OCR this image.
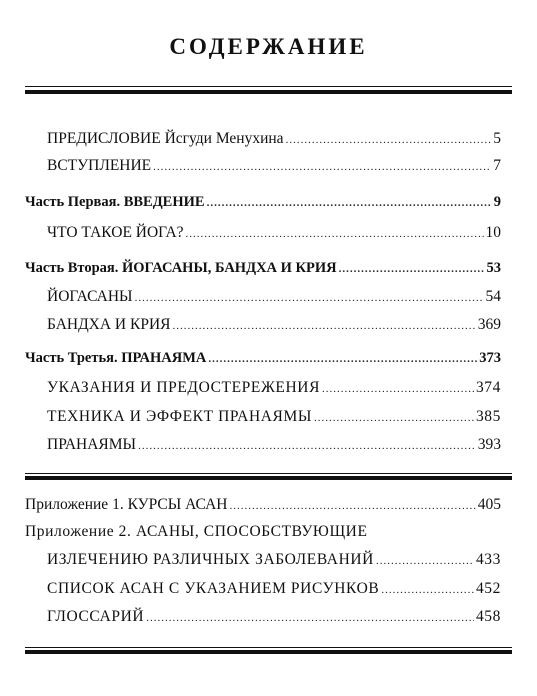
СОДЕРЖАНИЕ
ПРЕДИСЛОВИЕ Йсгуди Менухина .....	5
ВСТУПЛЕНИЕ .....	7
Часть Первая. ВВЕДЕНИЕ .....	9
ЧТО ТАКОЕ ЙОГА? .....	10
Часть Вторая. ЙОГАСАНЫ, БАНДХА И КРИЯ .....	53
ЙОГАСАНЫ .....	54
БАНДХА И КРИЯ .....	369
Часть Третья. ПРАНАЯМА .....	373
УКАЗАНИЯ И ПРЕДОСТЕРЕЖЕНИЯ .....	374
ТЕХНИКА И ЭФФЕКТ ПРАНАЯМЫ .....	385
ПРАНАЯМЫ .....	393
Приложение 1. КУРСЫ АСАН .....	405
Приложение 2. АСАНЫ, СПОСОБСТВУЮЩИЕ
ИЗЛЕЧЕНИЮ РАЗЛИЧНЫХ ЗАБОЛЕВАНИЙ .....	433
СПИСОК АСАН С УКАЗАНИЕМ РИСУНКОВ .....	452
ГЛОССАРИЙ .....	458
